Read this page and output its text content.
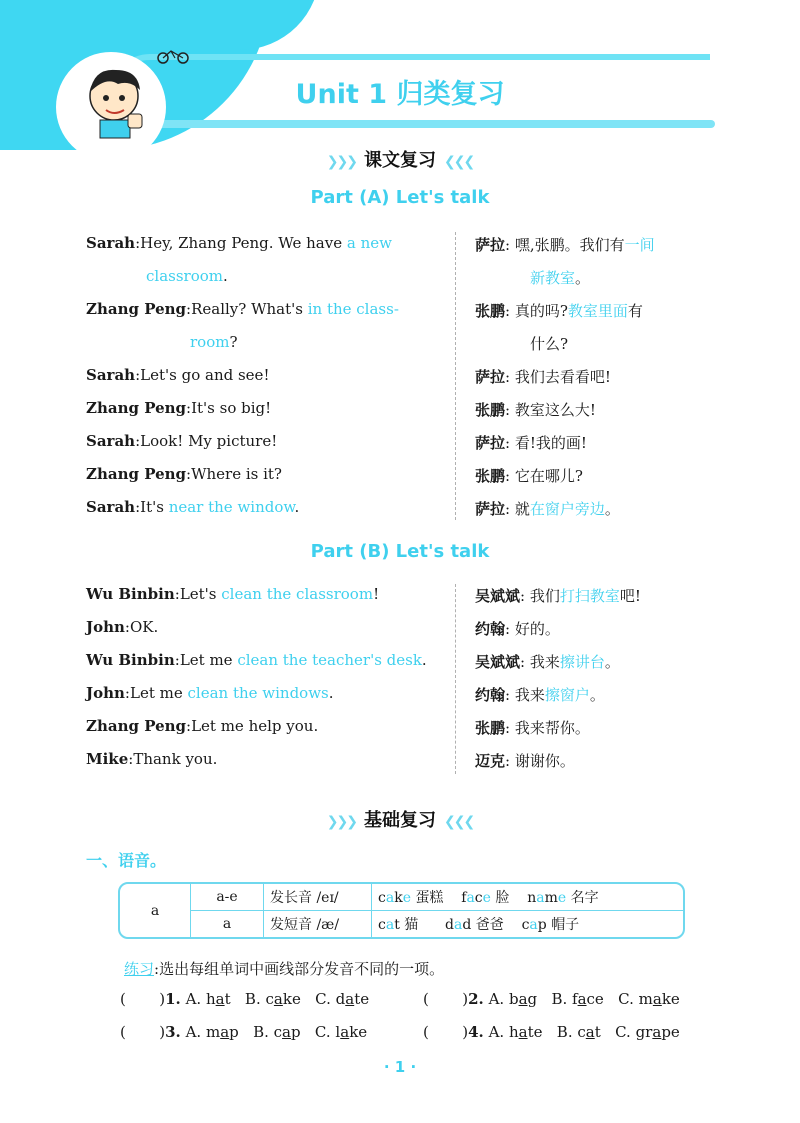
Unit 1 归类复习
❯❯❯ 课文复习 ❮❮❮
Part (A) Let's talk
Sarah:Hey, Zhang Peng. We have a new
classroom.
Zhang Peng:Really? What's in the class-
room?
Sarah:Let's go and see!
Zhang Peng:It's so big!
Sarah:Look! My picture!
Zhang Peng:Where is it?
Sarah:It's near the window.
萨拉: 嘿,张鹏。我们有一间
新教室。
张鹏: 真的吗?教室里面有
什么?
萨拉: 我们去看看吧!
张鹏: 教室这么大!
萨拉: 看!我的画!
张鹏: 它在哪儿?
萨拉: 就在窗户旁边。
Part (B) Let's talk
Wu Binbin:Let's clean the classroom!
John:OK.
Wu Binbin:Let me clean the teacher's desk.
John:Let me clean the windows.
Zhang Peng:Let me help you.
Mike:Thank you.
吴斌斌: 我们打扫教室吧!
约翰: 好的。
吴斌斌: 我来擦讲台。
约翰: 我来擦窗户。
张鹏: 我来帮你。
迈克: 谢谢你。
❯❯❯ 基础复习 ❮❮❮
一、语音。
a	a-e	发长音 /eɪ/	cake 蛋糕 face 脸 name 名字
	a	发短音 /æ/	cat 猫 dad 爸爸 cap 帽子
练习:选出每组单词中画线部分发音不同的一项。
( )1. A. hat B. cake C. date	( )2. A. bag B. face C. make
( )3. A. map B. cap C. lake	( )4. A. hate B. cat C. grape
· 1 ·
